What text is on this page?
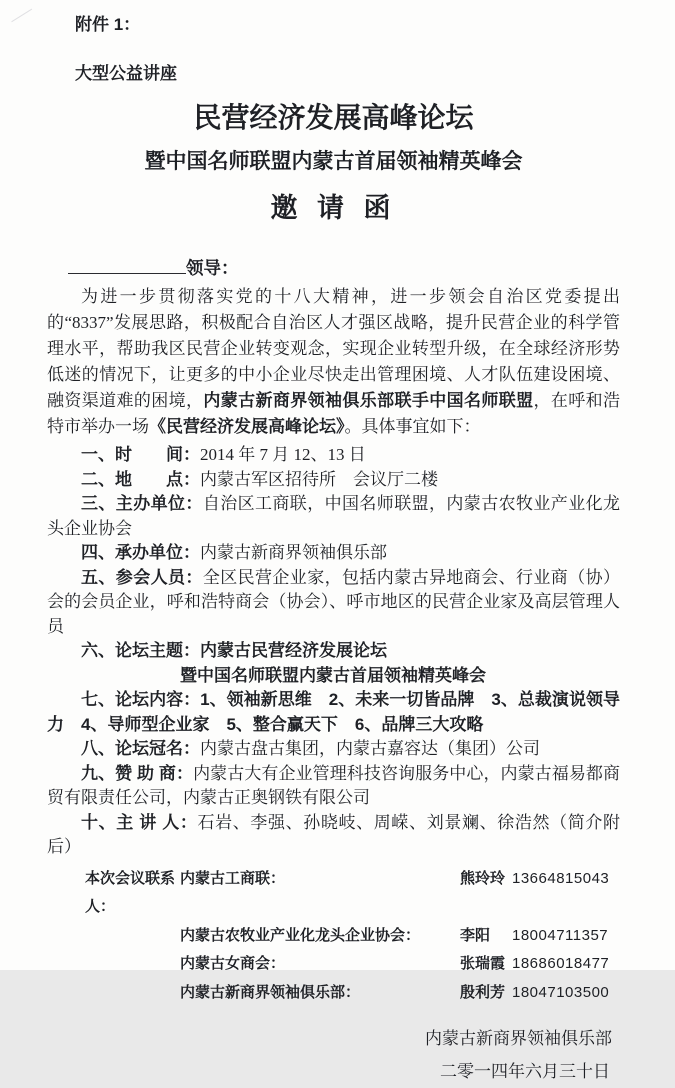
附件 1：
大型公益讲座
民营经济发展高峰论坛
暨中国名师联盟内蒙古首届领袖精英峰会
邀 请 函
领导：

为进一步贯彻落实党的十八大精神，进一步领会自治区党委提出的“8337”发展思路，积极配合自治区人才强区战略，提升民营企业的科学管理水平，帮助我区民营企业转变观念，实现企业转型升级，在全球经济形势低迷的情况下，让更多的中小企业尽快走出管理困境、人才队伍建设困境、融资渠道难的困境，内蒙古新商界领袖俱乐部联手中国名师联盟，在呼和浩特市举办一场《民营经济发展高峰论坛》。具体事宜如下：

一、时　　间：2014 年 7 月 12、13 日

二、地　　点：内蒙古军区招待所　会议厅二楼

三、主办单位：自治区工商联，中国名师联盟，内蒙古农牧业产业化龙头企业协会

四、承办单位：内蒙古新商界领袖俱乐部

五、参会人员：全区民营企业家，包括内蒙古异地商会、行业商（协）会的会员企业，呼和浩特商会（协会）、呼市地区的民营企业家及高层管理人员

六、论坛主题：内蒙古民营经济发展论坛
暨中国名师联盟内蒙古首届领袖精英峰会

七、论坛内容：1、领袖新思维　2、未来一切皆品牌　3、总裁演说领导力　4、导师型企业家　5、整合赢天下　6、品牌三大攻略

八、论坛冠名：内蒙古盘古集团，内蒙古嘉容达（集团）公司

九、赞 助 商：内蒙古大有企业管理科技咨询服务中心，内蒙古福易都商贸有限责任公司，内蒙古正奥钢铁有限公司

十、主 讲 人：石岩、李强、孙晓岐、周嵘、刘景斓、徐浩然（简介附后）

本次会议联系人：
内蒙古工商联：	熊玲玲 13664815043
内蒙古农牧业产业化龙头企业协会：	李阳	18004711357
内蒙古女商会：	张瑞霞 18686018477
内蒙古新商界领袖俱乐部：	殷利芳 18047103500
内蒙古新商界领袖俱乐部
二零一四年六月三十日
